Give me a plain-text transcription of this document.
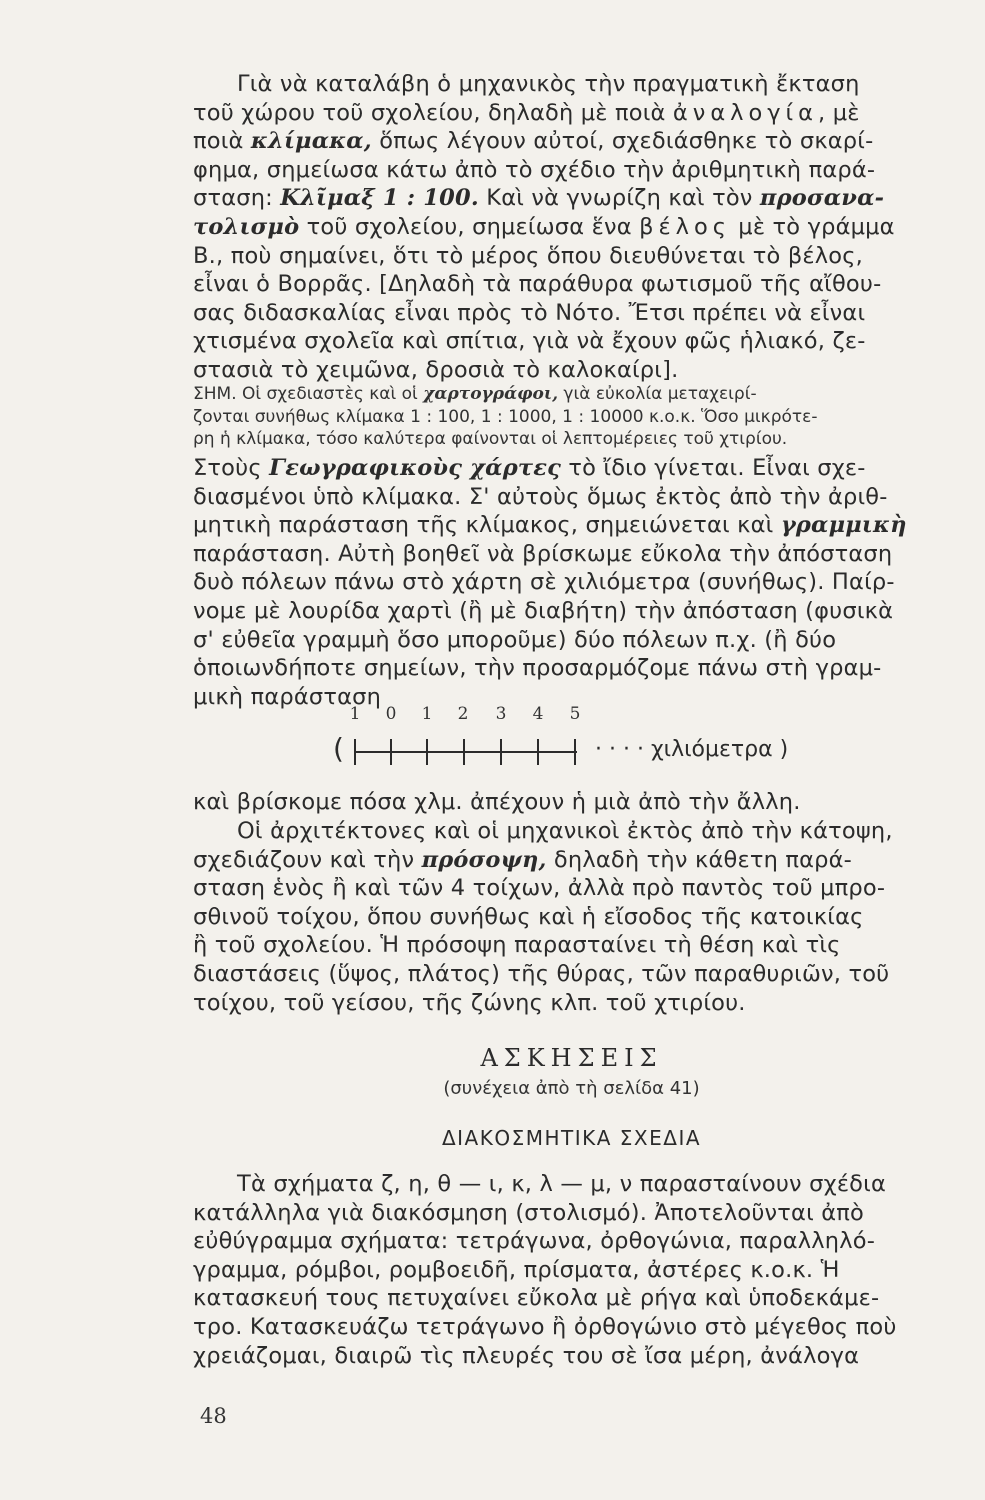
Γιὰ νὰ καταλάβη ὁ μηχανικὸς τὴν πραγματικὴ ἔκταση

τοῦ χώρου τοῦ σχολείου, δηλαδὴ μὲ ποιὰ ἀναλογία, μὲ

ποιὰ κλίμακα, ὅπως λέγουν αὐτοί, σχεδιάσθηκε τὸ σκαρί-

φημα, σημείωσα κάτω ἀπὸ τὸ σχέδιο τὴν ἀριθμητικὴ παρά-

σταση: Κλῖμαξ 1 : 100. Καὶ νὰ γνωρίζη καὶ τὸν προσανα-

τολισμὸ τοῦ σχολείου, σημείωσα ἕνα βέλος μὲ τὸ γράμμα

Β., ποὺ σημαίνει, ὅτι τὸ μέρος ὅπου διευθύνεται τὸ βέλος,

εἶναι ὁ Βορρᾶς. [Δηλαδὴ τὰ παράθυρα φωτισμοῦ τῆς αἴθου-

σας διδασκαλίας εἶναι πρὸς τὸ Νότο. Ἔτσι πρέπει νὰ εἶναι

χτισμένα σχολεῖα καὶ σπίτια, γιὰ νὰ ἔχουν φῶς ἡλιακό, ζε-

στασιὰ τὸ χειμῶνα, δροσιὰ τὸ καλοκαίρι].

ΣΗΜ. Οἱ σχεδιαστὲς καὶ οἱ χαρτογράφοι, γιὰ εὐκολία μεταχειρί-

ζονται συνήθως κλίμακα 1 : 100, 1 : 1000, 1 : 10000 κ.ο.κ. Ὅσο μικρότε-

ρη ἡ κλίμακα, τόσο καλύτερα φαίνονται οἱ λεπτομέρειες τοῦ χτιρίου.

Στοὺς Γεωγραφικοὺς χάρτες τὸ ἴδιο γίνεται. Εἶναι σχε-

διασμένοι ὑπὸ κλίμακα. Σ' αὐτοὺς ὅμως ἐκτὸς ἀπὸ τὴν ἀριθ-

μητικὴ παράσταση τῆς κλίμακος, σημειώνεται καὶ γραμμικὴ

παράσταση. Αὐτὴ βοηθεῖ νὰ βρίσκωμε εὔκολα τὴν ἀπόσταση

δυὸ πόλεων πάνω στὸ χάρτη σὲ χιλιόμετρα (συνήθως). Παίρ-

νομε μὲ λουρίδα χαρτὶ (ἢ μὲ διαβήτη) τὴν ἀπόσταση (φυσικὰ

σ' εὐθεῖα γραμμὴ ὅσο μποροῦμε) δύο πόλεων π.χ. (ἢ δύο

ὁποιωνδήποτε σημείων, τὴν προσαρμόζομε πάνω στὴ γραμ-

μικὴ παράσταση

1 0 1 2 3 4 5
(	· · · · χιλιόμετρα )

καὶ βρίσκομε πόσα χλμ. ἀπέχουν ἡ μιὰ ἀπὸ τὴν ἄλλη.

Οἱ ἀρχιτέκτονες καὶ οἱ μηχανικοὶ ἐκτὸς ἀπὸ τὴν κάτοψη,

σχεδιάζουν καὶ τὴν πρόσοψη, δηλαδὴ τὴν κάθετη παρά-

σταση ἑνὸς ἢ καὶ τῶν 4 τοίχων, ἀλλὰ πρὸ παντὸς τοῦ μπρο-

σθινοῦ τοίχου, ὅπου συνήθως καὶ ἡ εἴσοδος τῆς κατοικίας

ἢ τοῦ σχολείου. Ἡ πρόσοψη παρασταίνει τὴ θέση καὶ τὶς

διαστάσεις (ὕψος, πλάτος) τῆς θύρας, τῶν παραθυριῶν, τοῦ

τοίχου, τοῦ γείσου, τῆς ζώνης κλπ. τοῦ χτιρίου.

ΑΣΚΗΣΕΙΣ
(συνέχεια ἀπὸ τὴ σελίδα 41)
ΔΙΑΚΟΣΜΗΤΙΚΑ ΣΧΕΔΙΑ

Τὰ σχήματα ζ, η, θ — ι, κ, λ — μ, ν παρασταίνουν σχέδια

κατάλληλα γιὰ διακόσμηση (στολισμό). Ἀποτελοῦνται ἀπὸ

εὐθύγραμμα σχήματα: τετράγωνα, ὀρθογώνια, παραλληλό-

γραμμα, ρόμβοι, ρομβοειδῆ, πρίσματα, ἀστέρες κ.ο.κ. Ἡ

κατασκευή τους πετυχαίνει εὔκολα μὲ ρήγα καὶ ὑποδεκάμε-

τρο. Κατασκευάζω τετράγωνο ἢ ὀρθογώνιο στὸ μέγεθος ποὺ

χρειάζομαι, διαιρῶ τὶς πλευρές του σὲ ἴσα μέρη, ἀνάλογα

48
